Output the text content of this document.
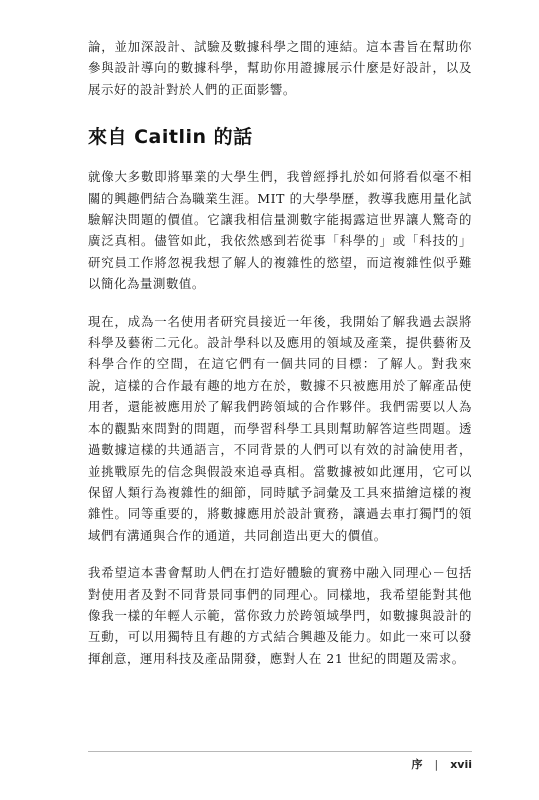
論，並加深設計、試驗及數據科學之間的連結。這本書旨在幫助你參與設計導向的數據科學，幫助你用證據展示什麼是好設計，以及展示好的設計對於人們的正面影響。

來自 Caitlin 的話

就像大多數即將畢業的大學生們，我曾經掙扎於如何將看似毫不相關的興趣們結合為職業生涯。MIT 的大學學歷，教導我應用量化試驗解決問題的價值。它讓我相信量測數字能揭露這世界讓人驚奇的廣泛真相。儘管如此，我依然感到若從事「科學的」或「科技的」研究員工作將忽視我想了解人的複雜性的慾望，而這複雜性似乎難以簡化為量測數值。

現在，成為一名使用者研究員接近一年後，我開始了解我過去誤將科學及藝術二元化。設計學科以及應用的領域及產業，提供藝術及科學合作的空間，在這它們有一個共同的目標：了解人。對我來說，這樣的合作最有趣的地方在於，數據不只被應用於了解產品使用者，還能被應用於了解我們跨領域的合作夥伴。我們需要以人為本的觀點來問對的問題，而學習科學工具則幫助解答這些問題。透過數據這樣的共通語言，不同背景的人們可以有效的討論使用者，並挑戰原先的信念與假設來追尋真相。當數據被如此運用，它可以保留人類行為複雜性的細節，同時賦予詞彙及工具來描繪這樣的複雜性。同等重要的，將數據應用於設計實務，讓過去車打獨鬥的領域們有溝通與合作的通道，共同創造出更大的價值。

我希望這本書會幫助人們在打造好體驗的實務中融入同理心－包括對使用者及對不同背景同事們的同理心。同樣地，我希望能對其他像我一樣的年輕人示範，當你致力於跨領域學門，如數據與設計的互動，可以用獨特且有趣的方式結合興趣及能力。如此一來可以發揮創意，運用科技及產品開發，應對人在 21 世紀的問題及需求。

序 | xvii
